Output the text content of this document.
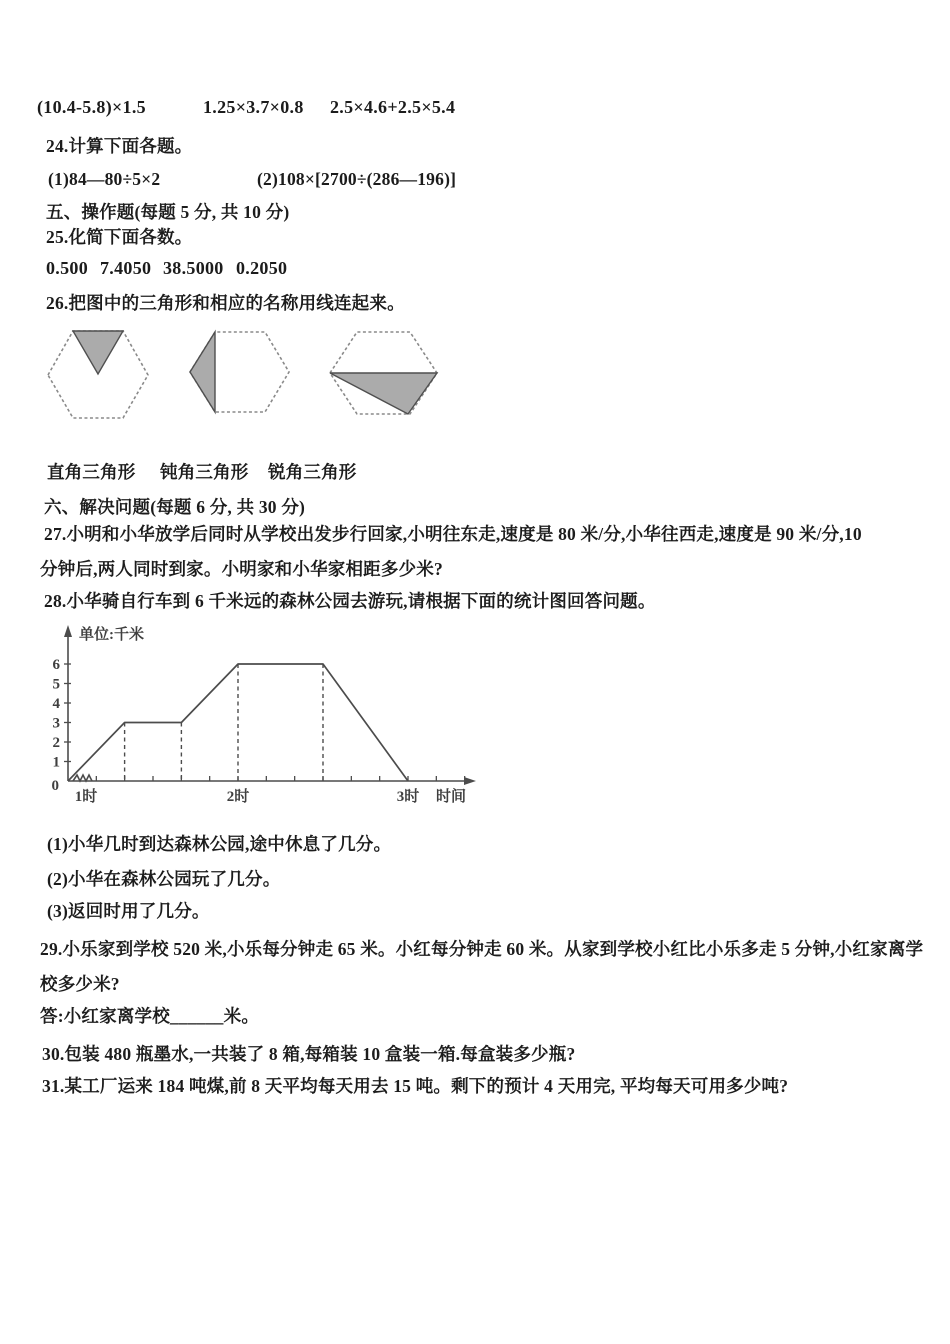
(10.4-5.8)×1.5	1.25×3.7×0.8 2.5×4.6+2.5×5.4
24.计算下面各题。
(1)84—80÷5×2	(2)108×[2700÷(286—196)]
五、操作题(每题 5 分, 共 10 分)
25.化简下面各数。
0.500 7.4050 38.5000 0.2050
26.把图中的三角形和相应的名称用线连起来。
直角三角形 钝角三角形 锐角三角形
六、解决问题(每题 6 分, 共 30 分)
27.小明和小华放学后同时从学校出发步行回家,小明往东走,速度是 80 米/分,小华往西走,速度是 90 米/分,10
分钟后,两人同时到家。小明家和小华家相距多少米?
28.小华骑自行车到 6 千米远的森林公园去游玩,请根据下面的统计图回答问题。
单位:千米
时间
0
1
2
3
4
5
6
1时	2时	3时
(1)小华几时到达森林公园,途中休息了几分。
(2)小华在森林公园玩了几分。
(3)返回时用了几分。
29.小乐家到学校 520 米,小乐每分钟走 65 米。小红每分钟走 60 米。从家到学校小红比小乐多走 5 分钟,小红家离学
校多少米?
答:小红家离学校______米。
30.包装 480 瓶墨水,一共装了 8 箱,每箱装 10 盒装一箱.每盒装多少瓶?
31.某工厂运来 184 吨煤,前 8 天平均每天用去 15 吨。剩下的预计 4 天用完, 平均每天可用多少吨?
